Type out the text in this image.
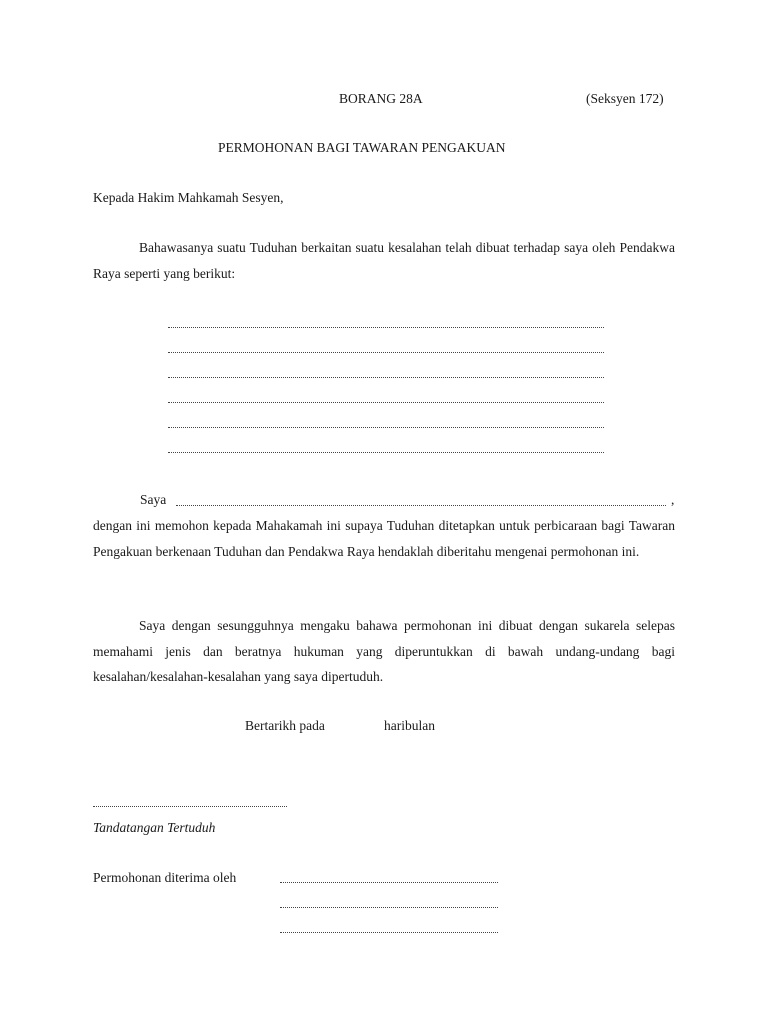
BORANG 28A	(Seksyen 172)
PERMOHONAN BAGI TAWARAN PENGAKUAN
Kepada Hakim Mahkamah Sesyen,
Bahawasanya suatu Tuduhan berkaitan suatu kesalahan telah dibuat terhadap saya oleh Pendakwa Raya seperti yang berikut:
Saya	,
dengan ini memohon kepada Mahakamah ini supaya Tuduhan ditetapkan untuk perbicaraan bagi Tawaran Pengakuan berkenaan Tuduhan dan Pendakwa Raya hendaklah diberitahu mengenai permohonan ini.
Saya dengan sesungguhnya mengaku bahawa permohonan ini dibuat dengan sukarela selepas memahami jenis dan beratnya hukuman yang diperuntukkan di bawah undang-undang bagi kesalahan/kesalahan-kesalahan yang saya dipertuduh.
Bertarikh pada	haribulan
Tandatangan Tertuduh
Permohonan diterima oleh
